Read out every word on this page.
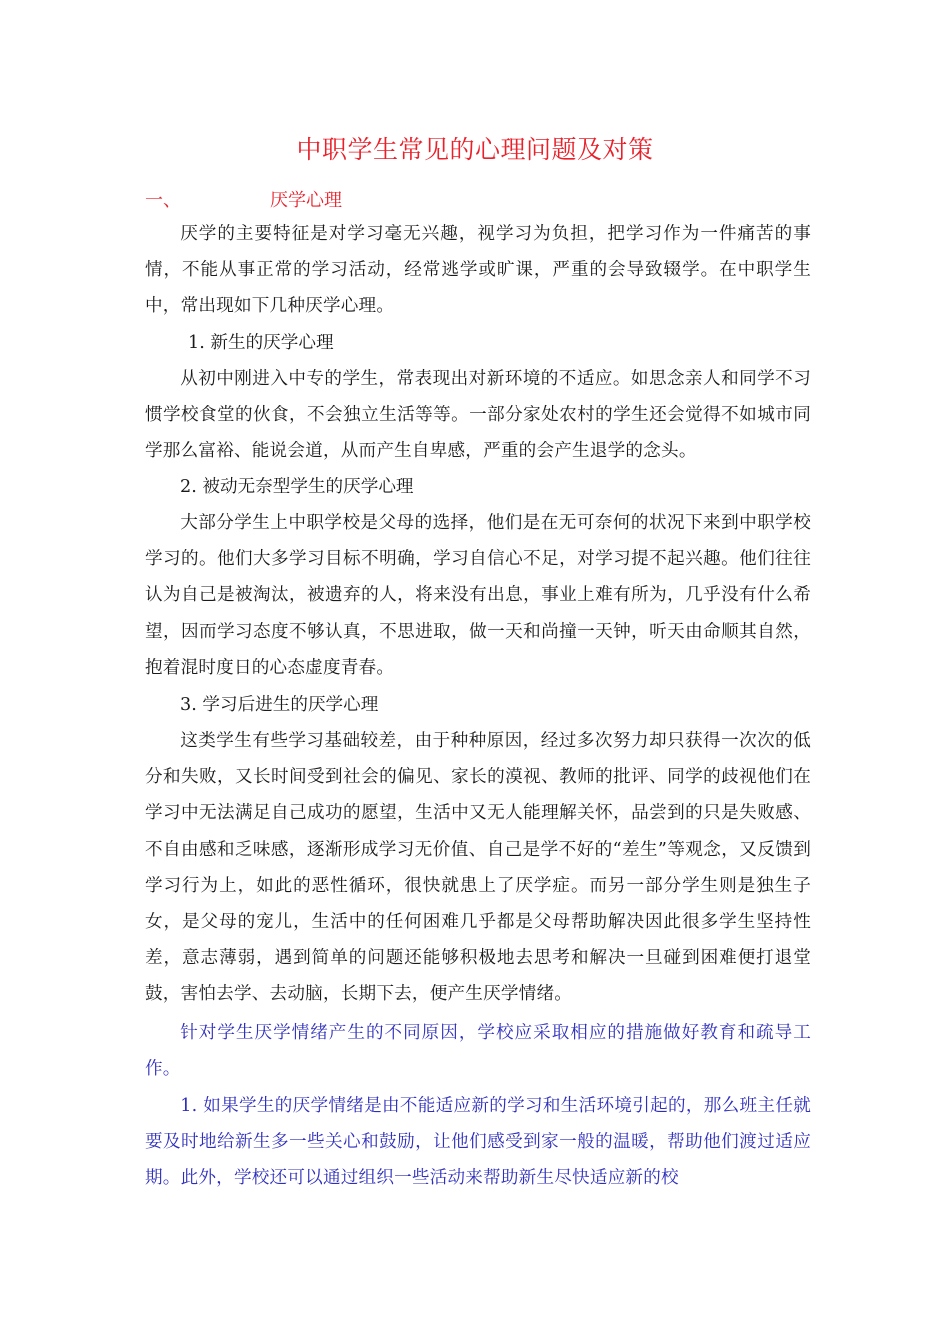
中职学生常见的心理问题及对策
一、	厌学心理

厌学的主要特征是对学习毫无兴趣，视学习为负担，把学习作为一件痛苦的事情，不能从事正常的学习活动，经常逃学或旷课，严重的会导致辍学。在中职学生中，常出现如下几种厌学心理。

1. 新生的厌学心理

从初中刚进入中专的学生，常表现出对新环境的不适应。如思念亲人和同学不习惯学校食堂的伙食，不会独立生活等等。一部分家处农村的学生还会觉得不如城市同学那么富裕、能说会道，从而产生自卑感，严重的会产生退学的念头。

2. 被动无奈型学生的厌学心理

大部分学生上中职学校是父母的选择，他们是在无可奈何的状况下来到中职学校学习的。他们大多学习目标不明确，学习自信心不足，对学习提不起兴趣。他们往往认为自己是被淘汰，被遗弃的人，将来没有出息，事业上难有所为，几乎没有什么希望，因而学习态度不够认真，不思进取，做一天和尚撞一天钟，听天由命顺其自然，抱着混时度日的心态虚度青春。

3. 学习后进生的厌学心理

这类学生有些学习基础较差，由于种种原因，经过多次努力却只获得一次次的低分和失败，又长时间受到社会的偏见、家长的漠视、教师的批评、同学的歧视他们在学习中无法满足自己成功的愿望，生活中又无人能理解关怀，品尝到的只是失败感、不自由感和乏味感，逐渐形成学习无价值、自己是学不好的“差生”等观念，又反馈到学习行为上，如此的恶性循环，很快就患上了厌学症。而另一部分学生则是独生子女，是父母的宠儿，生活中的任何困难几乎都是父母帮助解决因此很多学生坚持性差，意志薄弱，遇到简单的问题还能够积极地去思考和解决一旦碰到困难便打退堂鼓，害怕去学、去动脑，长期下去，便产生厌学情绪。

针对学生厌学情绪产生的不同原因，学校应采取相应的措施做好教育和疏导工作。

1. 如果学生的厌学情绪是由不能适应新的学习和生活环境引起的，那么班主任就要及时地给新生多一些关心和鼓励，让他们感受到家一般的温暖，帮助他们渡过适应期。此外，学校还可以通过组织一些活动来帮助新生尽快适应新的校
